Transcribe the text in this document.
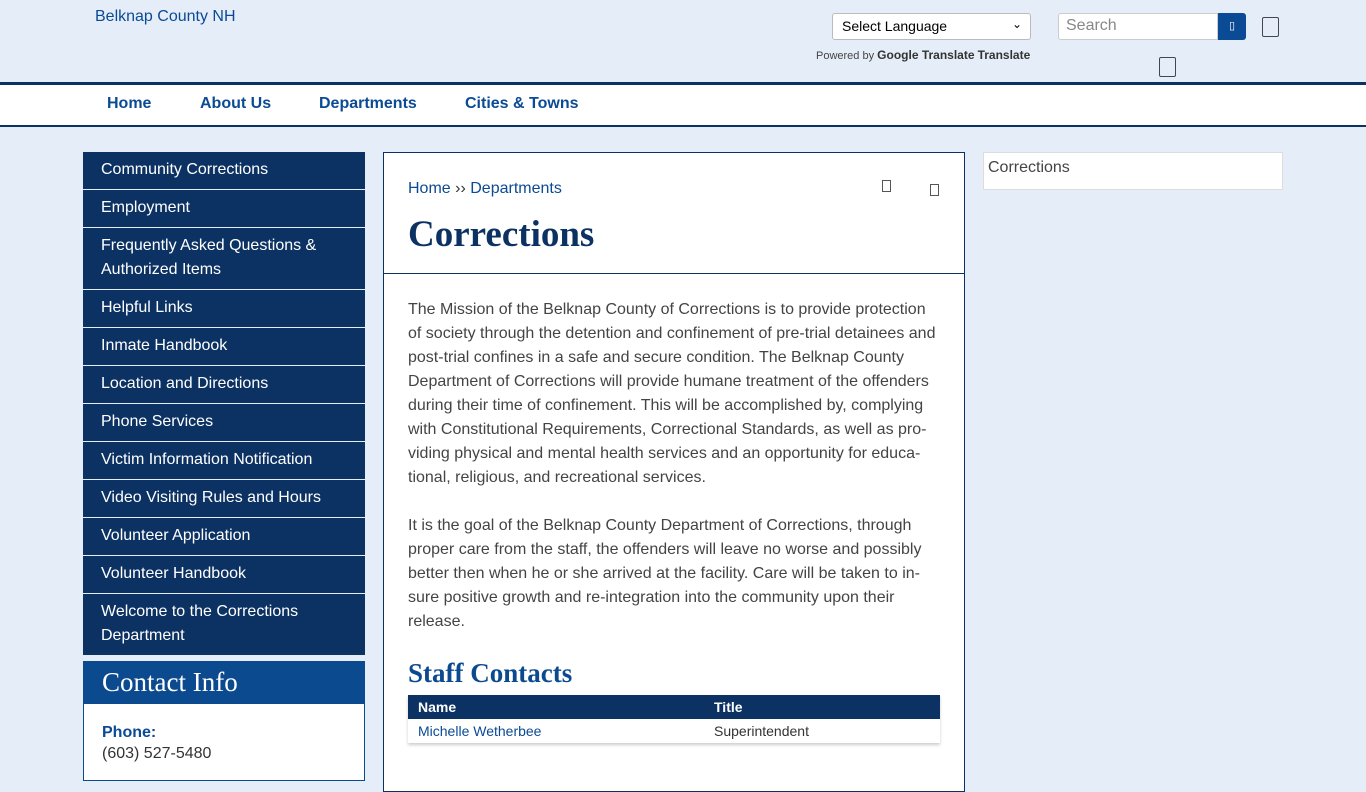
Belknap County NH
Select Language	⌄
Powered by Google Translate Translate
Search	▯
Home	About Us	Departments	Cities & Towns
Community Corrections
Employment
Frequently Asked Questions & Authorized Items
Helpful Links
Inmate Handbook
Location and Directions
Phone Services
Victim Information Notification
Video Visiting Rules and Hours
Volunteer Application
Volunteer Handbook
Welcome to the Corrections Department
Contact Info
Phone:
(603) 527-5480
Home ›› Departments
Corrections

The Mission of the Belknap County of Corrections is to provide protection of society through the detention and confinement of pre-trial detainees and post-trial confines in a safe and secure condition. The Belknap County Department of Corrections will provide humane treatment of the offenders during their time of confinement. This will be accomplished by, complying with Constitutional Requirements, Correctional Standards, as well as providing physical and mental health services and an opportunity for educational, religious, and recreational services.

It is the goal of the Belknap County Department of Corrections, through proper care from the staff, the offenders will leave no worse and possibly better then when he or she arrived at the facility. Care will be taken to insure positive growth and re-integration into the community upon their release.

Staff Contacts
Name	Title
Michelle Wetherbee	Superintendent
Corrections
